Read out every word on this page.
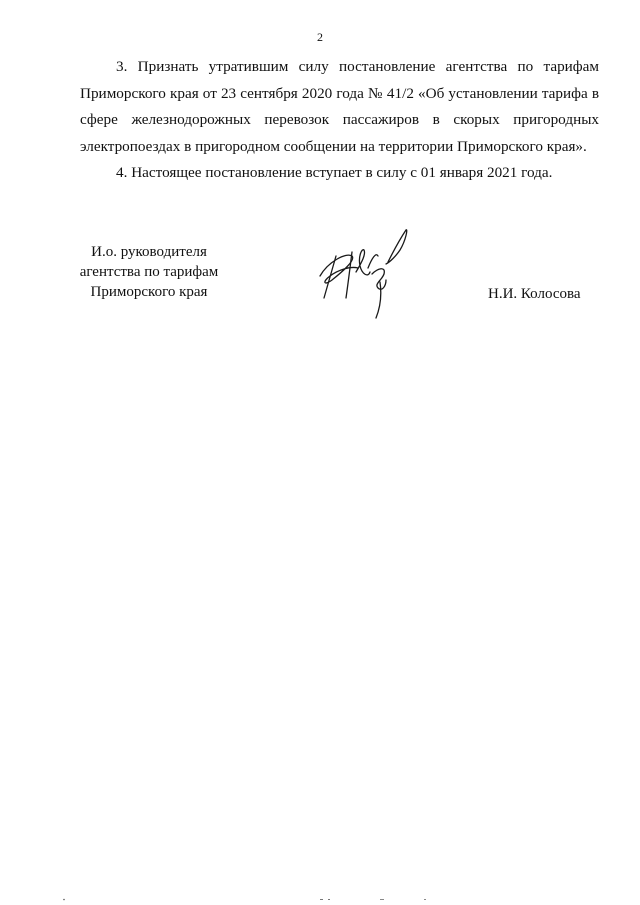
2

3. Признать утратившим силу постановление агентства по тарифам Приморского края от 23 сентября 2020 года № 41/2 «Об установлении тарифа в сфере железнодорожных перевозок пассажиров в скорых пригородных электропоездах в пригородном сообщении на территории Приморского края».

4. Настоящее постановление вступает в силу с 01 января 2021 года.

И.о. руководителя
агентства по тарифам
Приморского края	Н.И. Колосова
